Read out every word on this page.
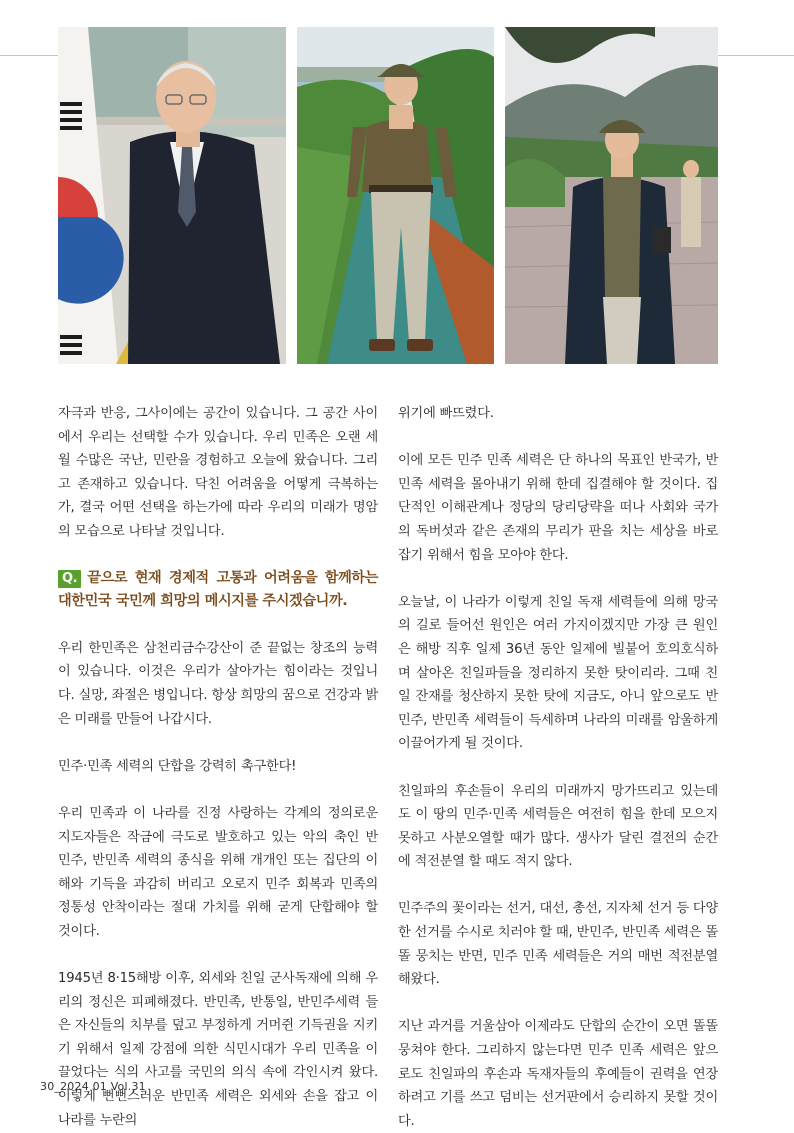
자극과 반응, 그사이에는 공간이 있습니다. 그 공간 사이에서 우리는 선택할 수가 있습니다. 우리 민족은 오랜 세월 수많은 국난, 민란을 경험하고 오늘에 왔습니다. 그리고 존재하고 있습니다. 닥친 어려움을 어떻게 극복하는가, 결국 어떤 선택을 하는가에 따라 우리의 미래가 명암의 모습으로 나타날 것입니다.

Q. 끝으로 현재 경제적 고통과 어려움을 함께하는 대한민국 국민께 희망의 메시지를 주시겠습니까.

우리 한민족은 삼천리금수강산이 준 끝없는 창조의 능력이 있습니다. 이것은 우리가 살아가는 힘이라는 것입니다. 실망, 좌절은 병입니다. 항상 희망의 꿈으로 건강과 밝은 미래를 만들어 나갑시다.

민주·민족 세력의 단합을 강력히 촉구한다!

우리 민족과 이 나라를 진정 사랑하는 각계의 정의로운 지도자들은 작금에 극도로 발호하고 있는 악의 축인 반 민주, 반민족 세력의 종식을 위해 개개인 또는 집단의 이해와 기득을 과감히 버리고 오로지 민주 회복과 민족의 정통성 안착이라는 절대 가치를 위해 굳게 단합해야 할 것이다.

1945년 8·15해방 이후, 외세와 친일 군사독재에 의해 우리의 정신은 피폐해졌다. 반민족, 반통일, 반민주세력 들은 자신들의 치부를 덮고 부정하게 거머쥔 기득권을 지키기 위해서 일제 강점에 의한 식민시대가 우리 민족을 이끌었다는 식의 사고를 국민의 의식 속에 각인시켜 왔다. 이렇게 뻔뻔스러운 반민족 세력은 외세와 손을 잡고 이 나라를 누란의

위기에 빠뜨렸다.

이에 모든 민주 민족 세력은 단 하나의 목표인 반국가, 반민족 세력을 몰아내기 위해 한데 집결해야 할 것이다. 집단적인 이해관계나 정당의 당리당략을 떠나 사회와 국가의 독버섯과 같은 존재의 무리가 판을 치는 세상을 바로잡기 위해서 힘을 모아야 한다.

오늘날, 이 나라가 이렇게 친일 독재 세력들에 의해 망국의 길로 들어선 원인은 여러 가지이겠지만 가장 큰 원인은 해방 직후 일제 36년 동안 일제에 빌붙어 호의호식하며 살아온 친일파들을 정리하지 못한 탓이리라. 그때 친일 잔재를 청산하지 못한 탓에 지금도, 아니 앞으로도 반민주, 반민족 세력들이 득세하며 나라의 미래를 암울하게 이끌어가게 될 것이다.

친일파의 후손들이 우리의 미래까지 망가뜨리고 있는데도 이 땅의 민주·민족 세력들은 여전히 힘을 한데 모으지 못하고 사분오열할 때가 많다. 생사가 달린 결전의 순간에 적전분열 할 때도 적지 않다.

민주주의 꽃이라는 선거, 대선, 총선, 지자체 선거 등 다양한 선거를 수시로 치러야 할 때, 반민주, 반민족 세력은 똘똘 뭉치는 반면, 민주 민족 세력들은 거의 매번 적전분열 해왔다.

지난 과거를 거울삼아 이제라도 단합의 순간이 오면 똘똘 뭉쳐야 한다. 그리하지 않는다면 민주 민족 세력은 앞으로도 친일파의 후손과 독재자들의 후예들이 권력을 연장하려고 기를 쓰고 덤비는 선거판에서 승리하지 못할 것이다.

30_2024 01 Vol.31
